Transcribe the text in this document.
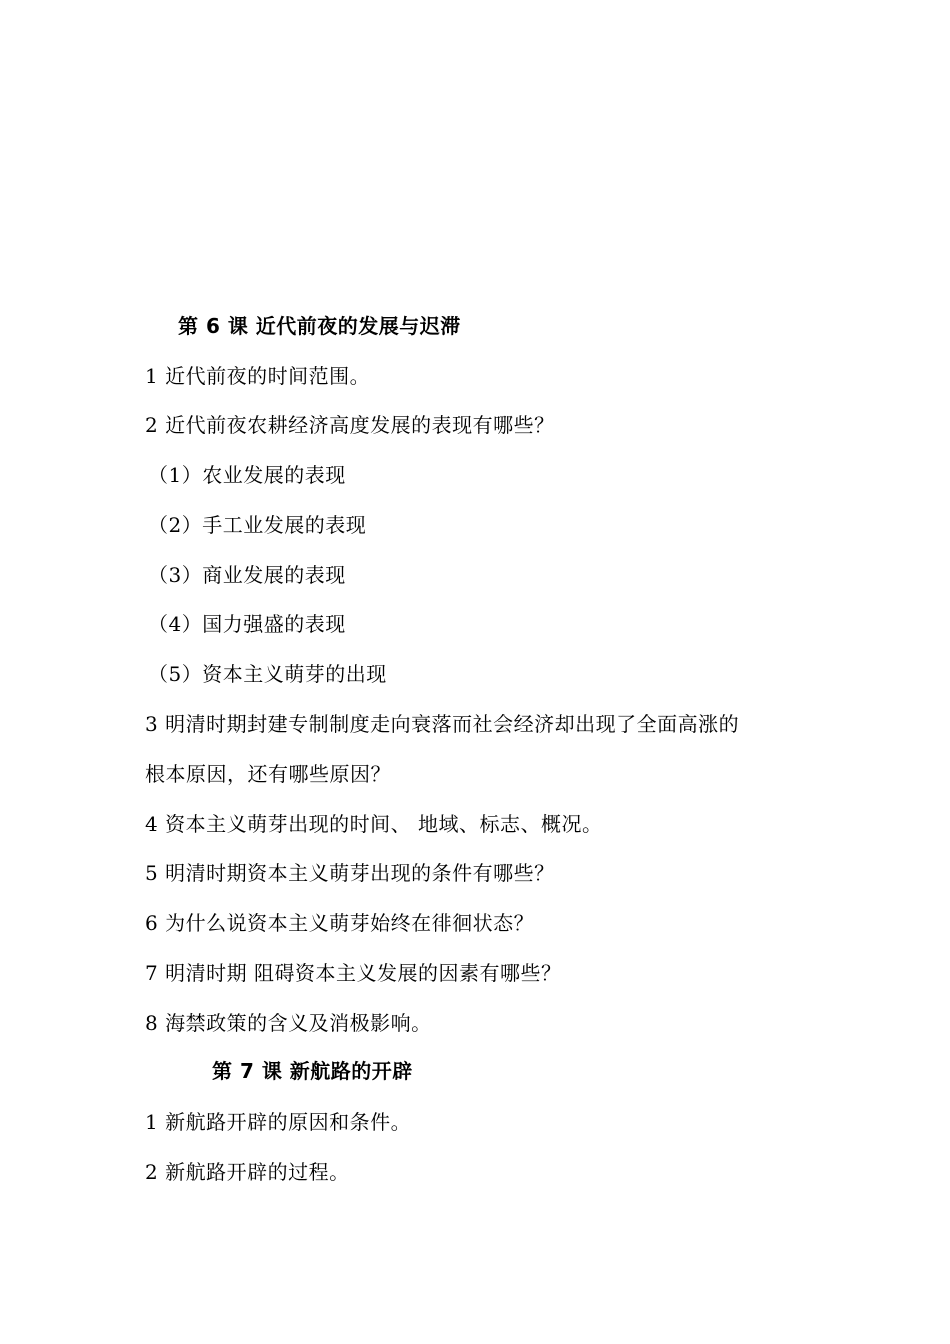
第 6 课 近代前夜的发展与迟滞
1 近代前夜的时间范围。
2 近代前夜农耕经济高度发展的表现有哪些？
（1）农业发展的表现
（2）手工业发展的表现
（3）商业发展的表现
（4）国力强盛的表现
（5）资本主义萌芽的出现
3 明清时期封建专制制度走向衰落而社会经济却出现了全面高涨的
根本原因，还有哪些原因？
4 资本主义萌芽出现的时间、 地域、标志、概况。
5 明清时期资本主义萌芽出现的条件有哪些？
6 为什么说资本主义萌芽始终在徘徊状态？
7 明清时期 阻碍资本主义发展的因素有哪些？
8 海禁政策的含义及消极影响。
第 7 课 新航路的开辟
1 新航路开辟的原因和条件。
2 新航路开辟的过程。
